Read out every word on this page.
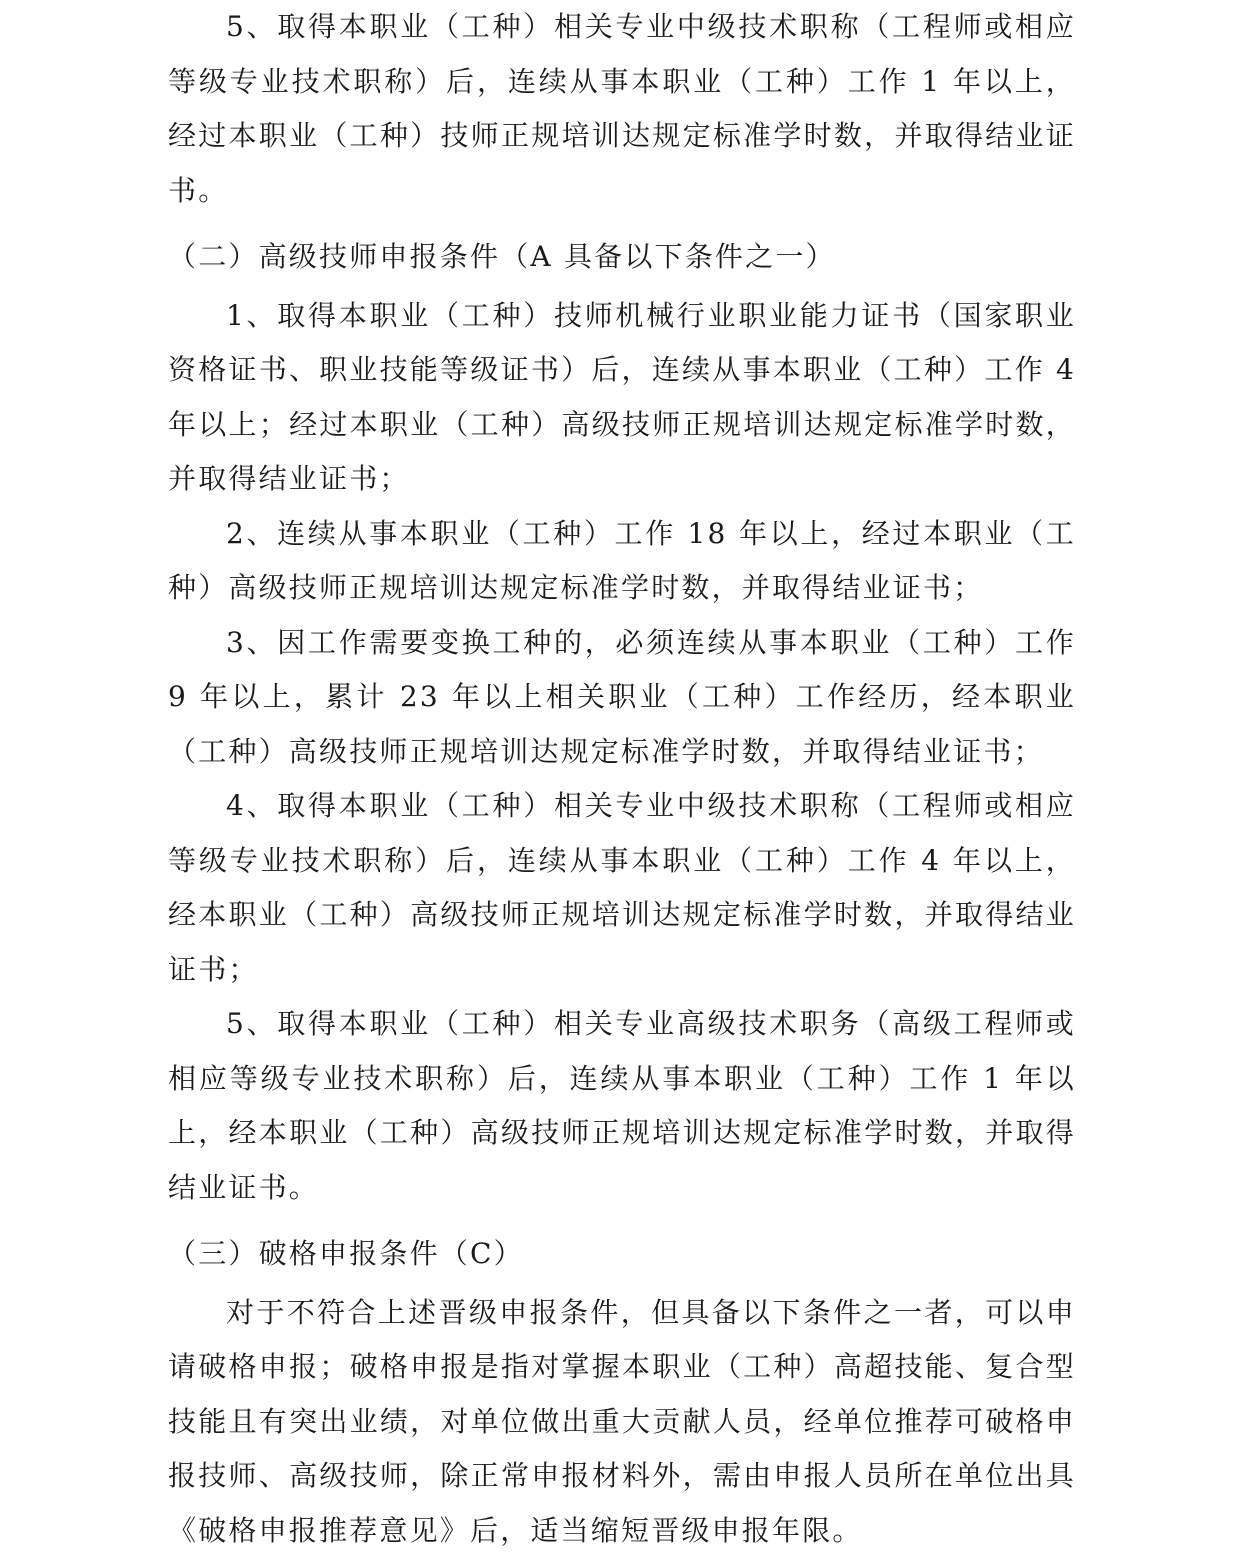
5、取得本职业（工种）相关专业中级技术职称（工程师或相应等级专业技术职称）后，连续从事本职业（工种）工作 1 年以上，经过本职业（工种）技师正规培训达规定标准学时数，并取得结业证书。

（二）高级技师申报条件（A 具备以下条件之一）

1、取得本职业（工种）技师机械行业职业能力证书（国家职业资格证书、职业技能等级证书）后，连续从事本职业（工种）工作 4 年以上；经过本职业（工种）高级技师正规培训达规定标准学时数，并取得结业证书；

2、连续从事本职业（工种）工作 18 年以上，经过本职业（工种）高级技师正规培训达规定标准学时数，并取得结业证书；

3、因工作需要变换工种的，必须连续从事本职业（工种）工作 9 年以上，累计 23 年以上相关职业（工种）工作经历，经本职业（工种）高级技师正规培训达规定标准学时数，并取得结业证书；

4、取得本职业（工种）相关专业中级技术职称（工程师或相应等级专业技术职称）后，连续从事本职业（工种）工作 4 年以上，经本职业（工种）高级技师正规培训达规定标准学时数，并取得结业证书；

5、取得本职业（工种）相关专业高级技术职务（高级工程师或相应等级专业技术职称）后，连续从事本职业（工种）工作 1 年以上，经本职业（工种）高级技师正规培训达规定标准学时数，并取得结业证书。

（三）破格申报条件（C）

对于不符合上述晋级申报条件，但具备以下条件之一者，可以申请破格申报；破格申报是指对掌握本职业（工种）高超技能、复合型技能且有突出业绩，对单位做出重大贡献人员，经单位推荐可破格申报技师、高级技师，除正常申报材料外，需由申报人员所在单位出具《破格申报推荐意见》后，适当缩短晋级申报年限。
